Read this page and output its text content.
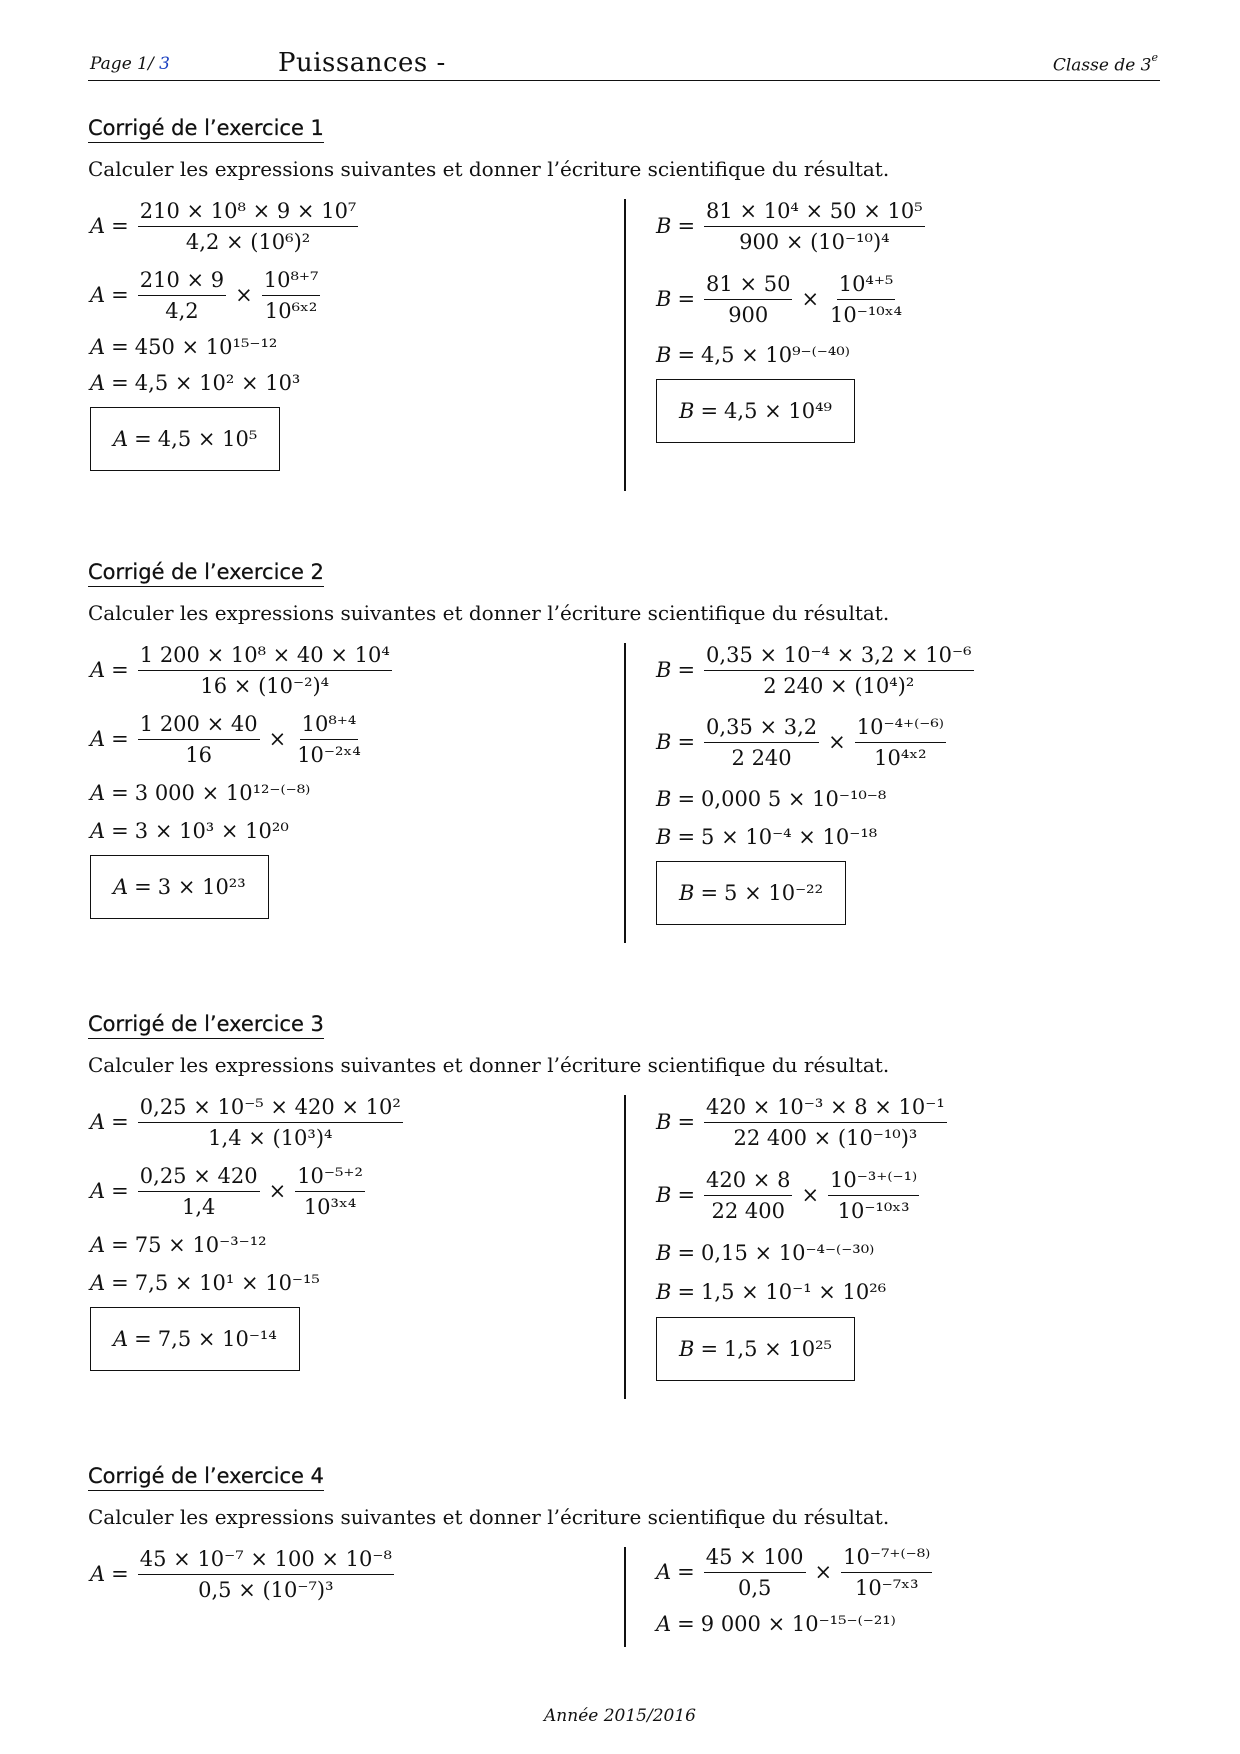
Page 1/ 3	Puissances -	Classe de 3e
Corrigé de l’exercice 1
Calculer les expressions suivantes et donner l’écriture scientifique du résultat.
$A = \frac{\text{210 × 10⁸ × 9 × 10⁷}}{\text{4,2 × (10⁶)²}}$
$A = \frac{210 \times 9}{4,2} \times \frac{\text{10⁸⁺⁷}}{\text{10⁶ˣ²}}$
A = 450 × 10¹⁵⁻¹²
A = 4,5 × 10² × 10³
A = 4,5 × 10⁵
$B = \frac{\text{81 × 10⁴ × 50 × 10⁵}}{\text{900 × (10⁻¹⁰)⁴}}$
$B = \frac{81 \times 50}{900} \times \frac{\text{10⁴⁺⁵}}{\text{10⁻¹⁰ˣ⁴}}$
B = 4,5 × 10⁹⁻⁽⁻⁴⁰⁾
B = 4,5 × 10⁴⁹
Corrigé de l’exercice 2
Calculer les expressions suivantes et donner l’écriture scientifique du résultat.
$A = \frac{\text{1 200 × 10⁸ × 40 × 10⁴}}{\text{16 × (10⁻²)⁴}}$
$A = \frac{1 200 \times 40}{16} \times \frac{\text{10⁸⁺⁴}}{\text{10⁻²ˣ⁴}}$
A = 3 000 × 10¹²⁻⁽⁻⁸⁾
A = 3 × 10³ × 10²⁰
A = 3 × 10²³
$B = \frac{\text{0,35 × 10⁻⁴ × 3,2 × 10⁻⁶}}{\text{2 240 × (10⁴)²}}$
$B = \frac{0,35 \times 3,2}{2 240} \times \frac{\text{10⁻⁴⁺⁽⁻⁶⁾}}{\text{10⁴ˣ²}}$
B = 0,000 5 × 10⁻¹⁰⁻⁸
B = 5 × 10⁻⁴ × 10⁻¹⁸
B = 5 × 10⁻²²
Corrigé de l’exercice 3
Calculer les expressions suivantes et donner l’écriture scientifique du résultat.
$A = \frac{\text{0,25 × 10⁻⁵ × 420 × 10²}}{\text{1,4 × (10³)⁴}}$
$A = \frac{0,25 \times 420}{1,4} \times \frac{\text{10⁻⁵⁺²}}{\text{10³ˣ⁴}}$
A = 75 × 10⁻³⁻¹²
A = 7,5 × 10¹ × 10⁻¹⁵
A = 7,5 × 10⁻¹⁴
$B = \frac{\text{420 × 10⁻³ × 8 × 10⁻¹}}{\text{22 400 × (10⁻¹⁰)³}}$
$B = \frac{420 \times 8}{22 400} \times \frac{\text{10⁻³⁺⁽⁻¹⁾}}{\text{10⁻¹⁰ˣ³}}$
B = 0,15 × 10⁻⁴⁻⁽⁻³⁰⁾
B = 1,5 × 10⁻¹ × 10²⁶
B = 1,5 × 10²⁵
Corrigé de l’exercice 4
Calculer les expressions suivantes et donner l’écriture scientifique du résultat.
$A = \frac{\text{45 × 10⁻⁷ × 100 × 10⁻⁸}}{\text{0,5 × (10⁻⁷)³}}$	$A = \frac{45 \times 100}{0,5} \times \frac{\text{10⁻⁷⁺⁽⁻⁸⁾}}{\text{10⁻⁷ˣ³}}$
A = 9 000 × 10⁻¹⁵⁻⁽⁻²¹⁾
Année 2015/2016
